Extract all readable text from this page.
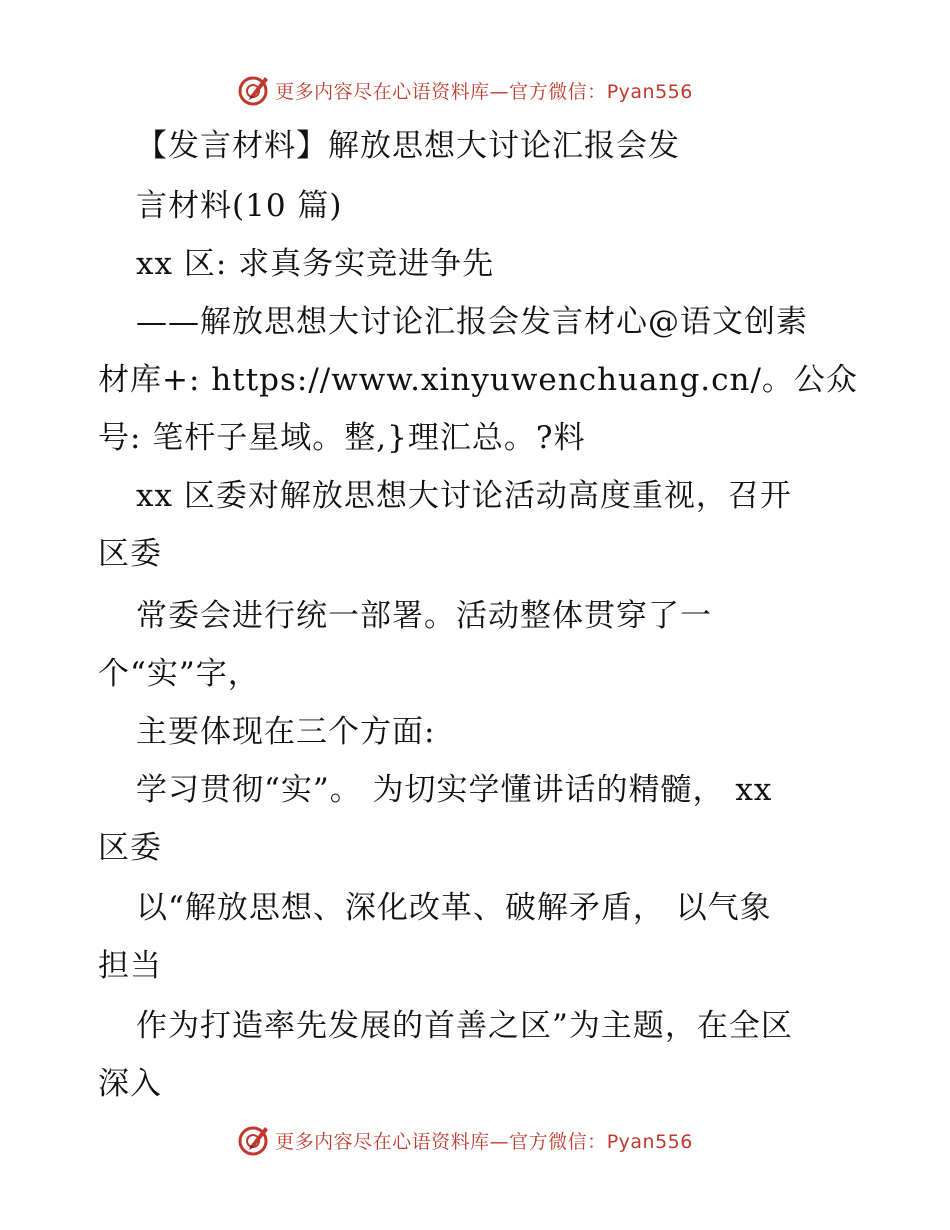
更多内容尽在心语资料库—官方微信：Pyan556
【发言材料】解放思想大讨论汇报会发
言材料(10 篇)
xx 区: 求真务实竞进争先
——解放思想大讨论汇报会发言材心@语文创素
材库+: https://www.xinyuwenchuang.cn/。公众
号: 笔杆子星域。整,}理汇总。?料
xx 区委对解放思想大讨论活动高度重视，召开
区委
常委会进行统一部署。活动整体贯穿了一
个“实”字，
主要体现在三个方面:
学习贯彻“实”。 为切实学懂讲话的精髓， xx
区委
以“解放思想、深化改革、破解矛盾， 以气象
担当
作为打造率先发展的首善之区”为主题，在全区
深入
更多内容尽在心语资料库—官方微信：Pyan556
